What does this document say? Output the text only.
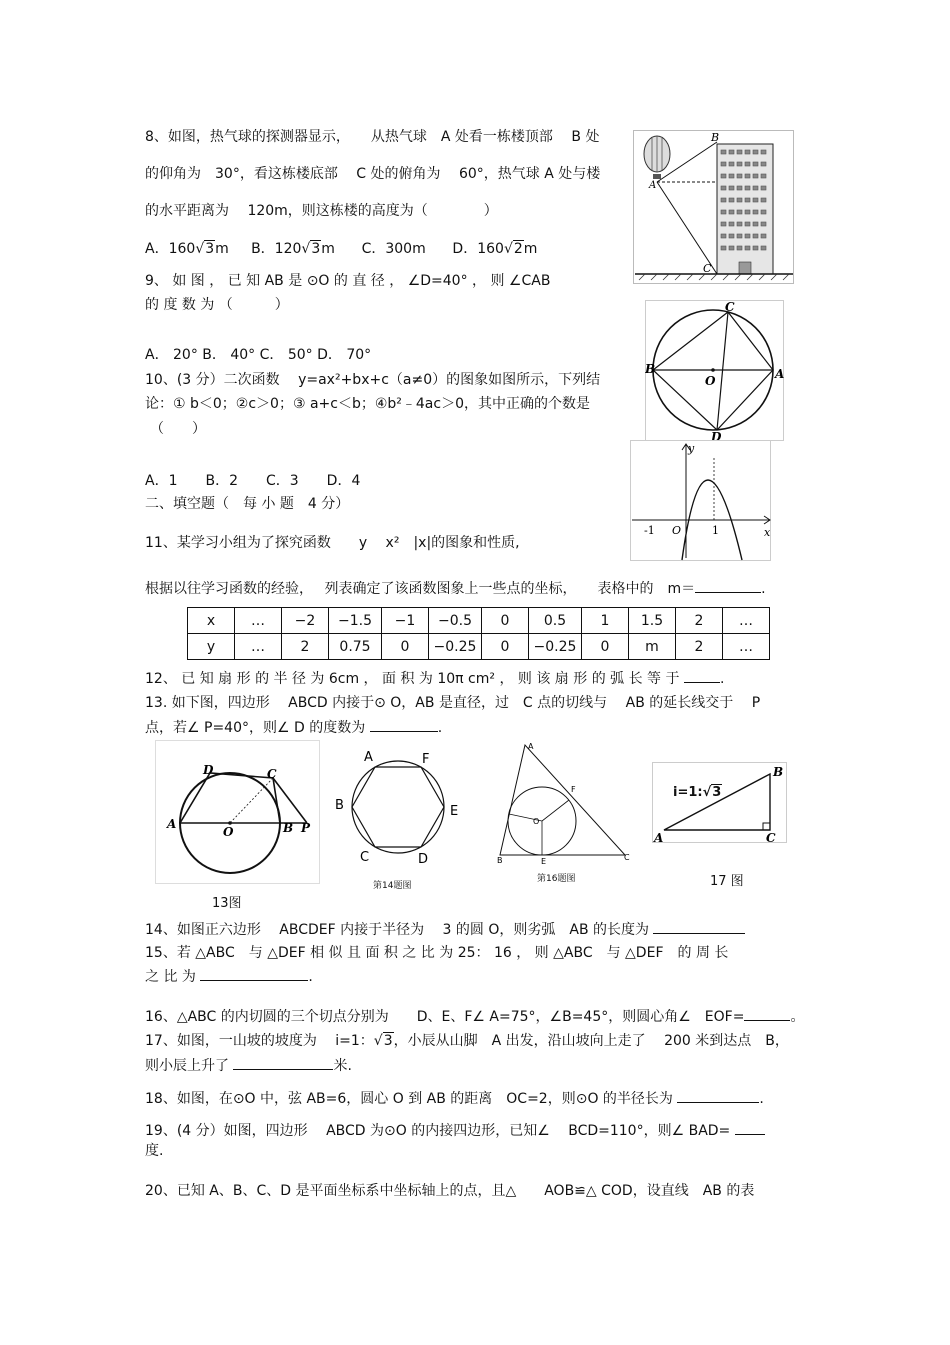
8、如图，热气球的探测器显示，　　从热气球　A 处看一栋楼顶部　 B 处
的仰角为　30°，看这栋楼底部　 C 处的俯角为　 60°，热气球 A 处与楼
的水平距离为　 120m，则这栋楼的高度为（　　　　）
A．160√3m B．120√3m C．300m D．160√2m
A
B
C
9、 如 图 ， 已 知 AB 是 ⊙O 的 直 径 ， ∠D=40° ， 则 ∠CAB
的 度 数 为 （　　　）
A． 20° B． 40° C． 50° D． 70°
C
B	A
O
D
10、(3 分）二次函数　 y=ax²+bx+c（a≠0）的图象如图所示，下列结
论：① b＜0；②c＞0；③ a+c＜b；④b²﹣4ac＞0，其中正确的个数是
（　　）
A．1　　B．2　　C．3　　D．4
y
x
-1 O	1
二、填空题（　每 小 题　4 分）
11、某学习小组为了探究函数　　y　 x²　|x|的图象和性质,
根据以往学习函数的经验，　 列表确定了该函数图象上一些点的坐标，　　表格中的　m＝	.
x	…	−2	−1.5	−1	−0.5	0	0.5	1	1.5	2	…
y	…	2	0.75	0	−0.25	0	−0.25	0	m	2	…
12、 已 知 扇 形 的 半 径 为 6cm ， 面 积 为 10π cm² ， 则 该 扇 形 的 弧 长 等 于	.
13. 如下图，四边形　 ABCD 内接于⊙ O，AB 是直径，过　C 点的切线与　 AB 的延长线交于　 P
点，若∠ P=40°，则∠ D 的度数为	.
A
D	C
O	B P
13图
A	F
B	E
C	D
第14题图
A
B	C
E
F
O
第16题图
A
B
C
i=1:√3
17 图
14、如图正六边形　 ABCDEF 内接于半径为　 3 的圆 O，则劣弧　AB 的长度为
15、若 △ABC　与 △DEF 相 似 且 面 积 之 比 为 25： 16 ， 则 △ABC　与 △DEF　的 周 长
之 比 为	.
16、△ABC 的内切圆的三个切点分别为　　D、E、F∠ A=75°，∠B=45°，则圆心角∠　EOF=	。
17、如图，一山坡的坡度为　 i=1：√3，小辰从山脚　A 出发，沿山坡向上走了　 200 米到达点　B，
则小辰上升了	米.
18、如图，在⊙O 中，弦 AB=6，圆心 O 到 AB 的距离　OC=2，则⊙O 的半径长为	.
19、(4 分）如图，四边形　 ABCD 为⊙O 的内接四边形，已知∠　 BCD=110°，则∠ BAD=
度.
20、已知 A、B、C、D 是平面坐标系中坐标轴上的点，且△　　AOB≌△ COD，设直线　AB 的表
